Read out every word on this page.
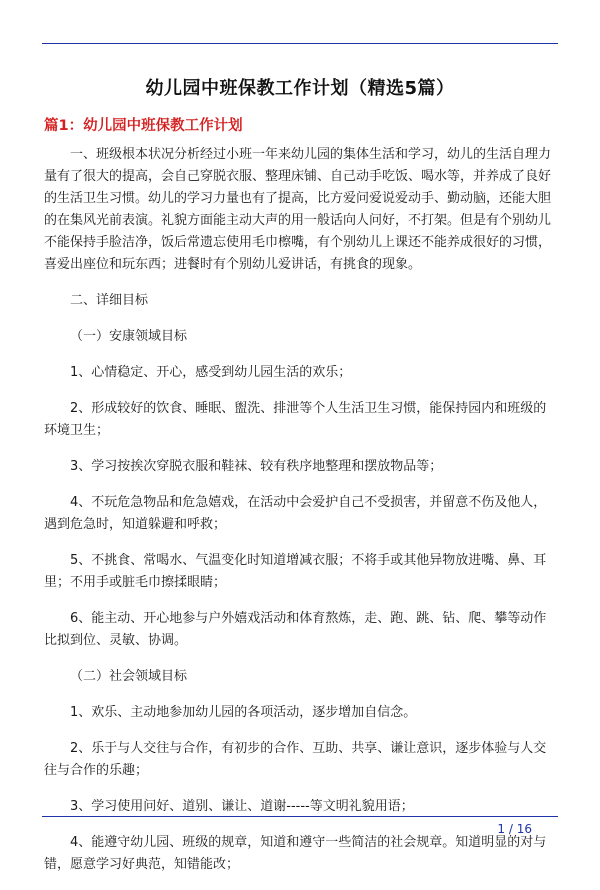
幼儿园中班保教工作计划（精选5篇）
篇1：幼儿园中班保教工作计划

一、班级根本状况分析经过小班一年来幼儿园的集体生活和学习，幼儿的生活自理力量有了很大的提高，会自己穿脱衣服、整理床铺、自己动手吃饭、喝水等，并养成了良好的生活卫生习惯。幼儿的学习力量也有了提高，比方爱问爱说爱动手、勤动脑，还能大胆的在集风光前表演。礼貌方面能主动大声的用一般话向人问好，不打架。但是有个别幼儿不能保持手脸洁净，饭后常遗忘使用毛巾檫嘴，有个别幼儿上课还不能养成很好的习惯，喜爱出座位和玩东西；进餐时有个别幼儿爱讲话，有挑食的现象。

二、详细目标

（一）安康领域目标

1、心情稳定、开心，感受到幼儿园生活的欢乐；

2、形成较好的饮食、睡眠、盥洗、排泄等个人生活卫生习惯，能保持园内和班级的环境卫生；

3、学习按挨次穿脱衣服和鞋袜、较有秩序地整理和摆放物品等；

4、不玩危急物品和危急嬉戏，在活动中会爱护自己不受损害，并留意不伤及他人，遇到危急时，知道躲避和呼救；

5、不挑食、常喝水、气温变化时知道增减衣服；不将手或其他异物放进嘴、鼻、耳里；不用手或脏毛巾擦揉眼睛；

6、能主动、开心地参与户外嬉戏活动和体育熬炼，走、跑、跳、钻、爬、攀等动作比拟到位、灵敏、协调。

（二）社会领域目标

1、欢乐、主动地参加幼儿园的各项活动，逐步增加自信念。

2、乐于与人交往与合作，有初步的合作、互助、共享、谦让意识，逐步体验与人交往与合作的乐趣；

3、学习使用问好、道别、谦让、道谢-----等文明礼貌用语；

4、能遵守幼儿园、班级的规章，知道和遵守一些简洁的社会规章。知道明显的对与错，愿意学习好典范，知错能改；

1 / 16
